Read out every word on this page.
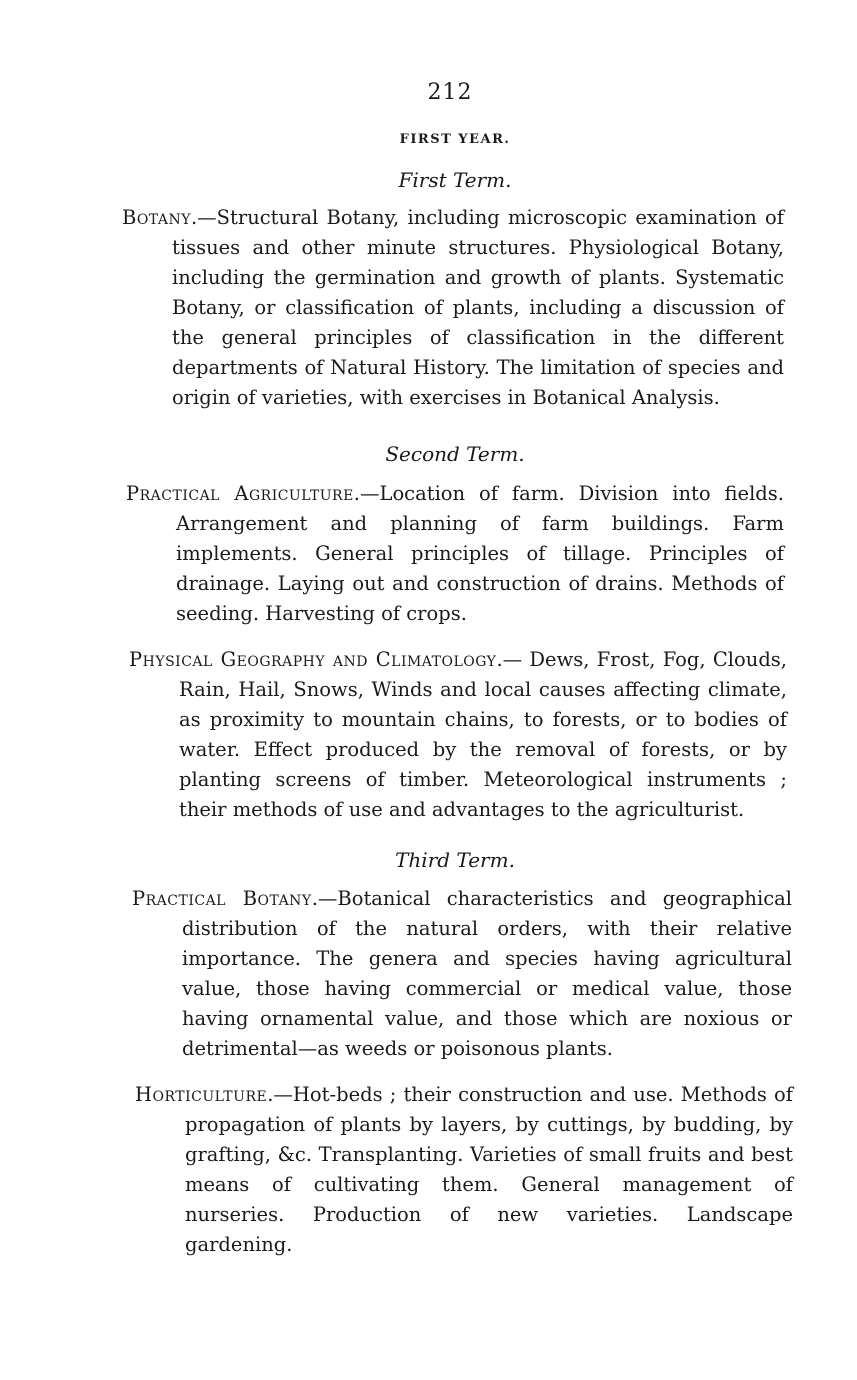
212
FIRST YEAR.
First Term.
Botany.—Structural Botany, including microscopic examination of tissues and other minute structures. Physiological Botany, including the germination and growth of plants. Systematic Botany, or classification of plants, including a discussion of the general principles of classification in the different departments of Natural History. The limitation of species and origin of varieties, with exercises in Botanical Analysis.
Second Term.
Practical Agriculture.—Location of farm. Division into fields. Arrangement and planning of farm buildings. Farm implements. General principles of tillage. Principles of drainage. Laying out and construction of drains. Methods of seeding. Harvesting of crops.
Physical Geography and Climatology.— Dews, Frost, Fog, Clouds, Rain, Hail, Snows, Winds and local causes affecting climate, as proximity to mountain chains, to forests, or to bodies of water. Effect produced by the removal of forests, or by planting screens of timber. Meteorological instruments ; their methods of use and advantages to the agriculturist.
Third Term.
Practical Botany.—Botanical characteristics and geographical distribution of the natural orders, with their relative importance. The genera and species having agricultural value, those having commercial or medical value, those having ornamental value, and those which are noxious or detrimental—as weeds or poisonous plants.
Horticulture.—Hot-beds ; their construction and use. Methods of propagation of plants by layers, by cuttings, by budding, by grafting, &c. Transplanting. Varieties of small fruits and best means of cultivating them. General management of nurseries. Production of new varieties. Landscape gardening.
